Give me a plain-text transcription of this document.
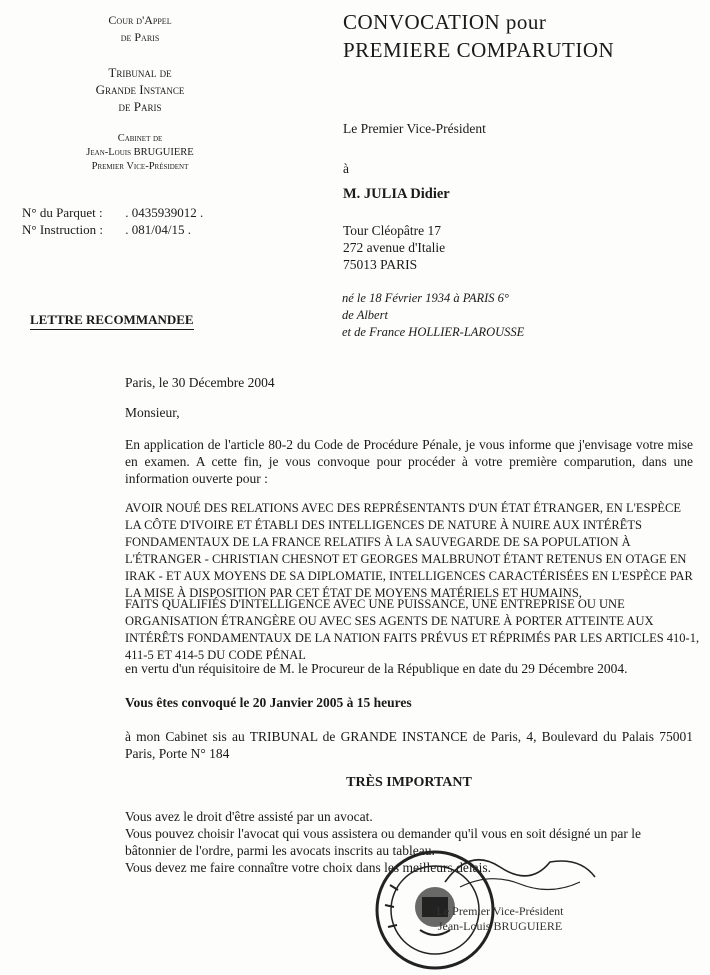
Cour d'Appel
de Paris
Tribunal de
Grande Instance
de Paris
Cabinet de
Jean-Louis BRUGUIERE
Premier Vice-Président
N° du Parquet : . 0435939012 .
N° Instruction : . 081/04/15 .
LETTRE RECOMMANDEE
CONVOCATION pour
PREMIERE COMPARUTION
Le Premier Vice-Président
à
M. JULIA Didier
Tour Cléopâtre 17
272 avenue d'Italie
75013 PARIS
né le 18 Février 1934 à PARIS 6°
de Albert
et de France HOLLIER-LAROUSSE
Paris, le 30 Décembre 2004
Monsieur,
En application de l'article 80-2 du Code de Procédure Pénale, je vous informe que j'envisage votre mise en examen. A cette fin, je vous convoque pour procéder à votre première comparution, dans une information ouverte pour :
AVOIR NOUÉ DES RELATIONS AVEC DES REPRÉSENTANTS D'UN ÉTAT ÉTRANGER, EN L'ESPÈCE LA CÔTE D'IVOIRE ET ÉTABLI DES INTELLIGENCES DE NATURE À NUIRE AUX INTÉRÊTS FONDAMENTAUX DE LA FRANCE RELATIFS À LA SAUVEGARDE DE SA POPULATION À L'ÉTRANGER - CHRISTIAN CHESNOT ET GEORGES MALBRUNOT ÉTANT RETENUS EN OTAGE EN IRAK - ET AUX MOYENS DE SA DIPLOMATIE, INTELLIGENCES CARACTÉRISÉES EN L'ESPÈCE PAR LA MISE À DISPOSITION PAR CET ÉTAT DE MOYENS MATÉRIELS ET HUMAINS,
FAITS QUALIFIÉS D'INTELLIGENCE AVEC UNE PUISSANCE, UNE ENTREPRISE OU UNE ORGANISATION ÉTRANGÈRE OU AVEC SES AGENTS DE NATURE À PORTER ATTEINTE AUX INTÉRÊTS FONDAMENTAUX DE LA NATION FAITS PRÉVUS ET RÉPRIMÉS PAR LES ARTICLES 410-1, 411-5 ET 414-5 DU CODE PÉNAL
en vertu d'un réquisitoire de M. le Procureur de la République en date du 29 Décembre 2004.
Vous êtes convoqué le 20 Janvier 2005 à 15 heures
à mon Cabinet sis au TRIBUNAL de GRANDE INSTANCE de Paris, 4, Boulevard du Palais 75001 Paris, Porte N° 184
TRÈS IMPORTANT
Vous avez le droit d'être assisté par un avocat.
Vous pouvez choisir l'avocat qui vous assistera ou demander qu'il vous en soit désigné un par le bâtonnier de l'ordre, parmi les avocats inscrits au tableau.
Vous devez me faire connaître votre choix dans les meilleurs délais.
Le Premier Vice-Président
Jean-Louis BRUGUIERE
